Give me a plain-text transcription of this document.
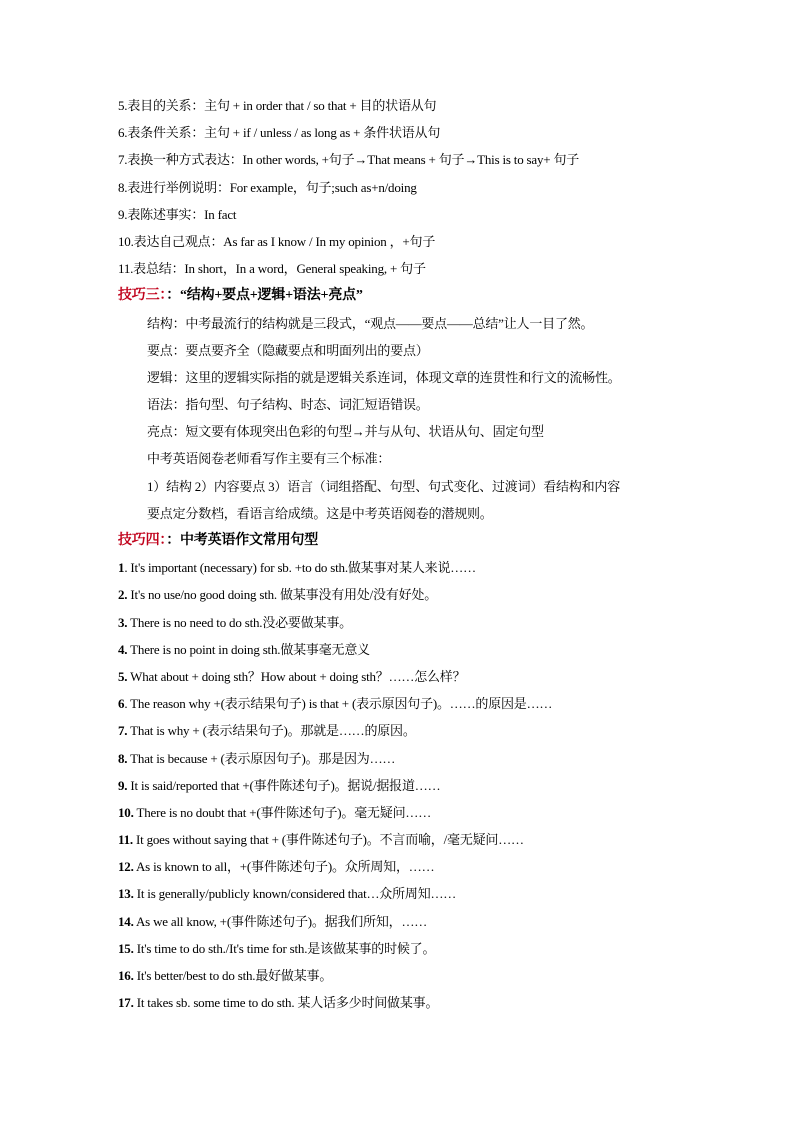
5.表目的关系：主句 + in order that / so that + 目的状语从句
6.表条件关系：主句 + if / unless / as long as + 条件状语从句
7.表换一种方式表达：In other words, +句子→That means + 句子→This is to say+ 句子
8.表进行举例说明：For example，句子;such as+n/doing
9.表陈述事实：In fact
10.表达自己观点：As far as I know / In my opinion ，+句子
11.表总结：In short，In a word，General speaking, + 句子
技巧三：：“结构+要点+逻辑+语法+亮点”
结构：中考最流行的结构就是三段式，“观点——要点——总结”让人一目了然。
要点：要点要齐全（隐藏要点和明面列出的要点）
逻辑：这里的逻辑实际指的就是逻辑关系连词，体现文章的连贯性和行文的流畅性。
语法：指句型、句子结构、时态、词汇短语错误。
亮点：短文要有体现突出色彩的句型→并与从句、状语从句、固定句型
中考英语阅卷老师看写作主要有三个标准：
1）结构 2）内容要点 3）语言（词组搭配、句型、句式变化、过渡词）看结构和内容
要点定分数档，看语言给成绩。这是中考英语阅卷的潜规则。
技巧四：：中考英语作文常用句型
1. It's important (necessary) for sb. +to do sth.做某事对某人来说……
2. It's no use/no good doing sth. 做某事没有用处/没有好处。
3. There is no need to do sth.没必要做某事。
4. There is no point in doing sth.做某事毫无意义
5. What about + doing sth？How about + doing sth？……怎么样？
6. The reason why +(表示结果句子) is that + (表示原因句子)。……的原因是……
7. That is why + (表示结果句子)。那就是……的原因。
8. That is because + (表示原因句子)。那是因为……
9. It is said/reported that +(事件陈述句子)。据说/据报道……
10. There is no doubt that +(事件陈述句子)。毫无疑问……
11. It goes without saying that + (事件陈述句子)。不言而喻，/毫无疑问……
12. As is known to all，+(事件陈述句子)。众所周知，……
13. It is generally/publicly known/considered that…众所周知……
14. As we all know, +(事件陈述句子)。据我们所知，……
15. It's time to do sth./It's time for sth.是该做某事的时候了。
16. It's better/best to do sth.最好做某事。
17. It takes sb. some time to do sth. 某人话多少时间做某事。
